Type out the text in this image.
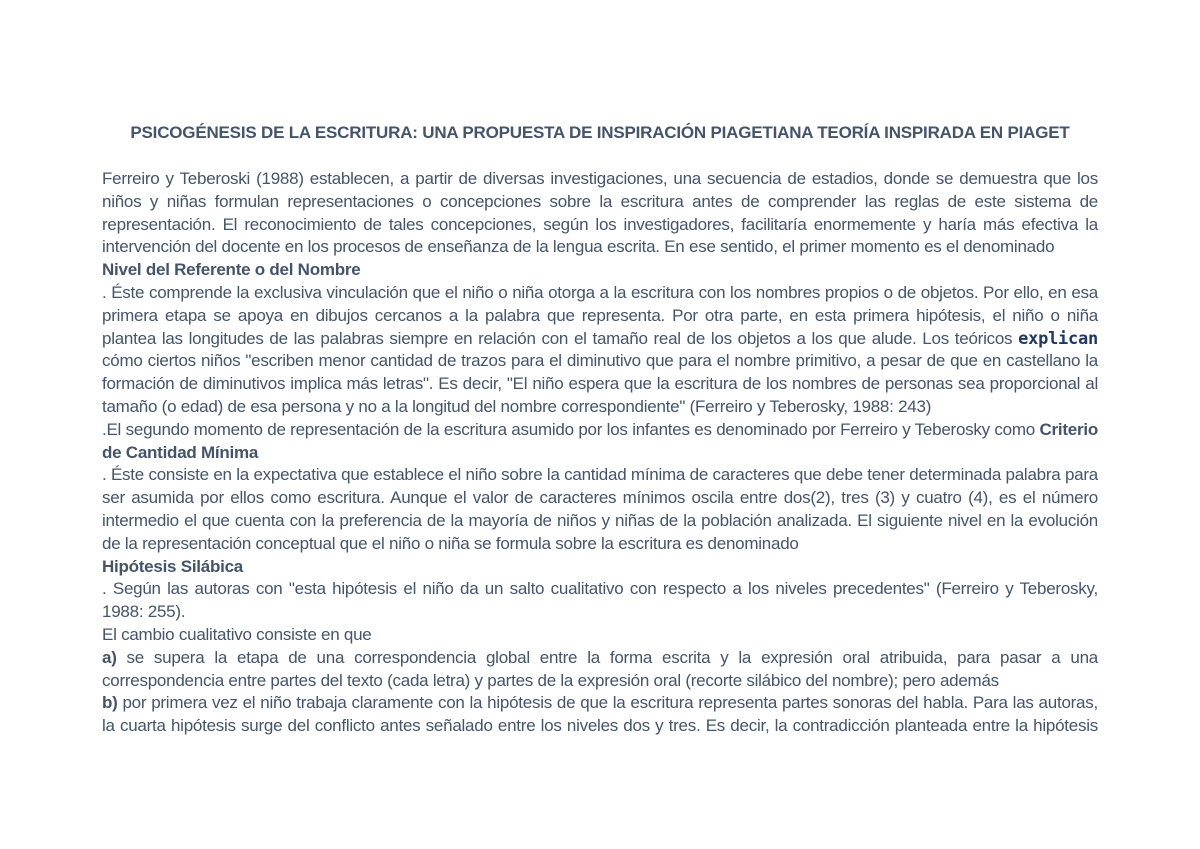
PSICOGÉNESIS DE LA ESCRITURA: UNA PROPUESTA DE INSPIRACIÓN PIAGETIANA TEORÍA INSPIRADA EN PIAGET

Ferreiro y Teberoski (1988) establecen, a partir de diversas investigaciones, una secuencia de estadios, donde se demuestra que los niños y niñas formulan representaciones o concepciones sobre la escritura antes de comprender las reglas de este sistema de representación. El reconocimiento de tales concepciones, según los investigadores, facilitaría enormemente y haría más efectiva la intervención del docente en los procesos de enseñanza de la lengua escrita. En ese sentido, el primer momento es el denominado

Nivel del Referente o del Nombre

. Éste comprende la exclusiva vinculación que el niño o niña otorga a la escritura con los nombres propios o de objetos. Por ello, en esa primera etapa se apoya en dibujos cercanos a la palabra que representa. Por otra parte, en esta primera hipótesis, el niño o niña plantea las longitudes de las palabras siempre en relación con el tamaño real de los objetos a los que alude. Los teóricos explican cómo ciertos niños "escriben menor cantidad de trazos para el diminutivo que para el nombre primitivo, a pesar de que en castellano la formación de diminutivos implica más letras". Es decir, "El niño espera que la escritura de los nombres de personas sea proporcional al tamaño (o edad) de esa persona y no a la longitud del nombre correspondiente" (Ferreiro y Teberosky, 1988: 243)

.El segundo momento de representación de la escritura asumido por los infantes es denominado por Ferreiro y Teberosky como Criterio de Cantidad Mínima

. Éste consiste en la expectativa que establece el niño sobre la cantidad mínima de caracteres que debe tener determinada palabra para ser asumida por ellos como escritura. Aunque el valor de caracteres mínimos oscila entre dos(2), tres (3) y cuatro (4), es el número intermedio el que cuenta con la preferencia de la mayoría de niños y niñas de la población analizada. El siguiente nivel en la evolución de la representación conceptual que el niño o niña se formula sobre la escritura es denominado

Hipótesis Silábica

. Según las autoras con "esta hipótesis el niño da un salto cualitativo con respecto a los niveles precedentes" (Ferreiro y Teberosky, 1988: 255).

El cambio cualitativo consiste en que

a) se supera la etapa de una correspondencia global entre la forma escrita y la expresión oral atribuida, para pasar a una correspondencia entre partes del texto (cada letra) y partes de la expresión oral (recorte silábico del nombre); pero además

b) por primera vez el niño trabaja claramente con la hipótesis de que la escritura representa partes sonoras del habla. Para las autoras, la cuarta hipótesis surge del conflicto antes señalado entre los niveles dos y tres. Es decir, la contradicción planteada entre la hipótesis
